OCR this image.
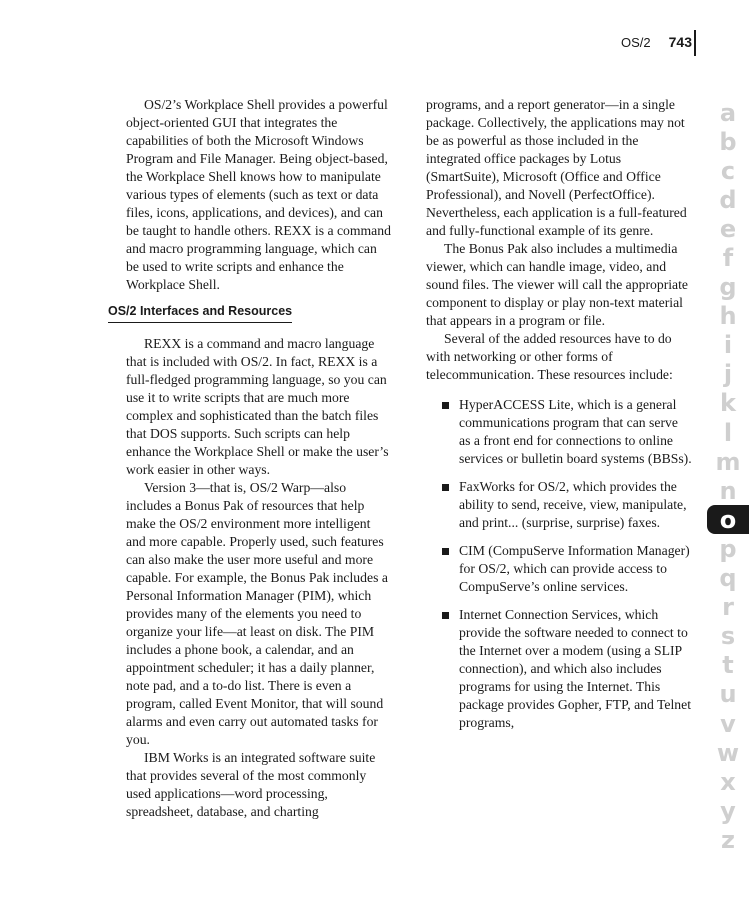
OS/2 743

OS/2’s Workplace Shell provides a powerful object-oriented GUI that integrates the capabilities of both the Microsoft Windows Program and File Manager. Being object-based, the Workplace Shell knows how to manipulate various types of elements (such as text or data files, icons, applications, and devices), and can be taught to handle others. REXX is a command and macro programming language, which can be used to write scripts and enhance the Workplace Shell.

OS/2 Interfaces and Resources

REXX is a command and macro language that is included with OS/2. In fact, REXX is a full-fledged programming language, so you can use it to write scripts that are much more complex and sophisticated than the batch files that DOS supports. Such scripts can help enhance the Workplace Shell or make the user’s work easier in other ways.

Version 3—that is, OS/2 Warp—also includes a Bonus Pak of resources that help make the OS/2 environment more intelligent and more capable. Properly used, such features can also make the user more useful and more capable. For example, the Bonus Pak includes a Personal Information Manager (PIM), which provides many of the elements you need to organize your life—at least on disk. The PIM includes a phone book, a calendar, and an appointment scheduler; it has a daily planner, note pad, and a to-do list. There is even a program, called Event Monitor, that will sound alarms and even carry out automated tasks for you.

IBM Works is an integrated software suite that provides several of the most commonly used applications—word processing, spreadsheet, database, and charting

programs, and a report generator—in a single package. Collectively, the applications may not be as powerful as those included in the integrated office packages by Lotus (SmartSuite), Microsoft (Office and Office Professional), and Novell (PerfectOffice). Nevertheless, each application is a full-featured and fully-functional example of its genre.

The Bonus Pak also includes a multimedia viewer, which can handle image, video, and sound files. The viewer will call the appropriate component to display or play non-text material that appears in a program or file.

Several of the added resources have to do with networking or other forms of telecommunication. These resources include:

HyperACCESS Lite, which is a general communications program that can serve as a front end for connections to online services or bulletin board systems (BBSs).
FaxWorks for OS/2, which provides the ability to send, receive, view, manipulate, and print... (surprise, surprise) faxes.
CIM (CompuServe Information Manager) for OS/2, which can provide access to CompuServe’s online services.
Internet Connection Services, which provide the software needed to connect to the Internet over a modem (using a SLIP connection), and which also includes programs for using the Internet. This package provides Gopher, FTP, and Telnet programs,
a
b
c
d
e
f
g
h
i
j
k
l
m
n
o
p
q
r
s
t
u
v
w
x
y
z
